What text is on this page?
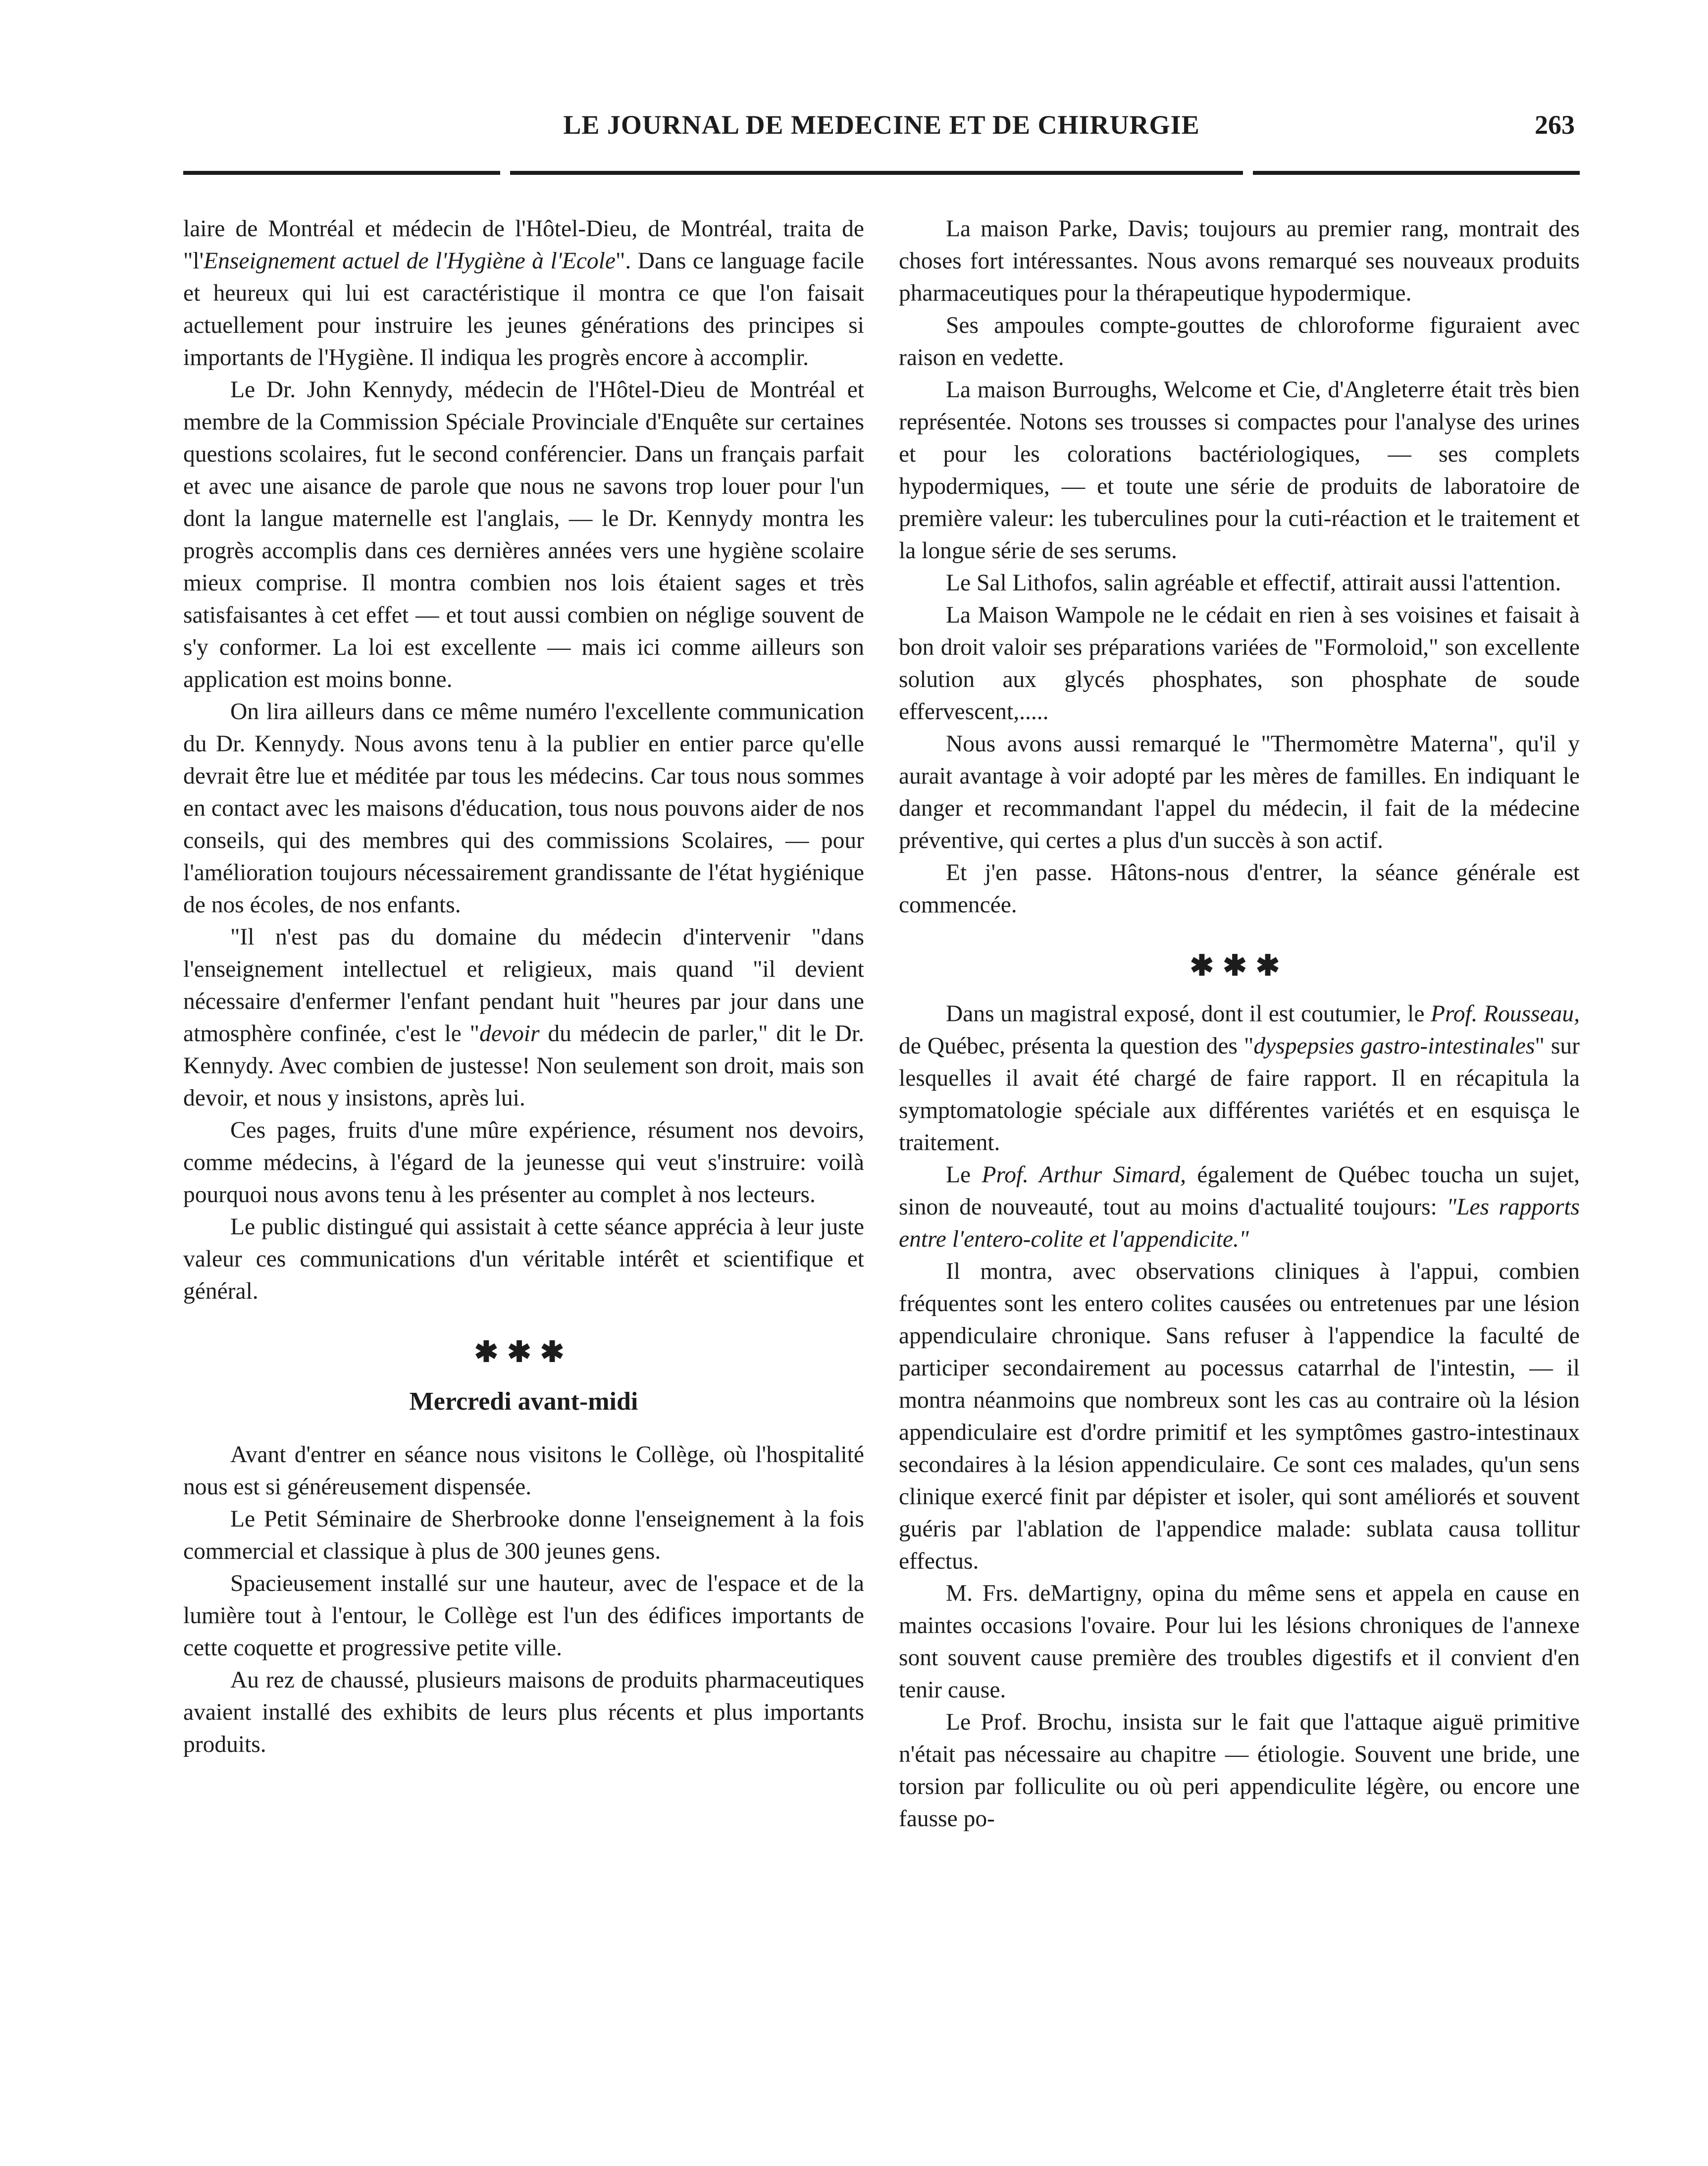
LE JOURNAL DE MEDECINE ET DE CHIRURGIE	263

laire de Montréal et médecin de l'Hôtel-Dieu, de Montréal, traita de "l'Enseignement actuel de l'Hygiène à l'Ecole". Dans ce language facile et heureux qui lui est caractéristique il montra ce que l'on faisait actuellement pour instruire les jeunes générations des principes si importants de l'Hygiène. Il indiqua les progrès encore à accomplir.

Le Dr. John Kennydy, médecin de l'Hôtel-Dieu de Montréal et membre de la Commission Spéciale Provinciale d'Enquête sur certaines questions scolaires, fut le second conférencier. Dans un français parfait et avec une aisance de parole que nous ne savons trop louer pour l'un dont la langue maternelle est l'anglais, — le Dr. Kennydy montra les progrès accomplis dans ces dernières années vers une hygiène scolaire mieux comprise. Il montra combien nos lois étaient sages et très satisfaisantes à cet effet — et tout aussi combien on néglige souvent de s'y conformer. La loi est excellente — mais ici comme ailleurs son application est moins bonne.

On lira ailleurs dans ce même numéro l'excellente communication du Dr. Kennydy. Nous avons tenu à la publier en entier parce qu'elle devrait être lue et méditée par tous les médecins. Car tous nous sommes en contact avec les maisons d'éducation, tous nous pouvons aider de nos conseils, qui des membres qui des commissions Scolaires, — pour l'amélioration toujours nécessairement grandissante de l'état hygiénique de nos écoles, de nos enfants.

"Il n'est pas du domaine du médecin d'intervenir "dans l'enseignement intellectuel et religieux, mais quand "il devient nécessaire d'enfermer l'enfant pendant huit "heures par jour dans une atmosphère confinée, c'est le "devoir du médecin de parler," dit le Dr. Kennydy. Avec combien de justesse! Non seulement son droit, mais son devoir, et nous y insistons, après lui.

Ces pages, fruits d'une mûre expérience, résument nos devoirs, comme médecins, à l'égard de la jeunesse qui veut s'instruire: voilà pourquoi nous avons tenu à les présenter au complet à nos lecteurs.

Le public distingué qui assistait à cette séance apprécia à leur juste valeur ces communications d'un véritable intérêt et scientifique et général.

✱✱✱
Mercredi avant-midi

Avant d'entrer en séance nous visitons le Collège, où l'hospitalité nous est si généreusement dispensée.

Le Petit Séminaire de Sherbrooke donne l'enseignement à la fois commercial et classique à plus de 300 jeunes gens.

Spacieusement installé sur une hauteur, avec de l'espace et de la lumière tout à l'entour, le Collège est l'un des édifices importants de cette coquette et progressive petite ville.

Au rez de chaussé, plusieurs maisons de produits pharmaceutiques avaient installé des exhibits de leurs plus récents et plus importants produits.

La maison Parke, Davis; toujours au premier rang, montrait des choses fort intéressantes. Nous avons remarqué ses nouveaux produits pharmaceutiques pour la thérapeutique hypodermique.

Ses ampoules compte-gouttes de chloroforme figuraient avec raison en vedette.

La maison Burroughs, Welcome et Cie, d'Angleterre était très bien représentée. Notons ses trousses si compactes pour l'analyse des urines et pour les colorations bactériologiques, — ses complets hypodermiques, — et toute une série de produits de laboratoire de première valeur: les tuberculines pour la cuti-réaction et le traitement et la longue série de ses serums.

Le Sal Lithofos, salin agréable et effectif, attirait aussi l'attention.

La Maison Wampole ne le cédait en rien à ses voisines et faisait à bon droit valoir ses préparations variées de "Formoloid," son excellente solution aux glycés phosphates, son phosphate de soude effervescent,.....

Nous avons aussi remarqué le "Thermomètre Materna", qu'il y aurait avantage à voir adopté par les mères de familles. En indiquant le danger et recommandant l'appel du médecin, il fait de la médecine préventive, qui certes a plus d'un succès à son actif.

Et j'en passe. Hâtons-nous d'entrer, la séance générale est commencée.

✱✱✱

Dans un magistral exposé, dont il est coutumier, le Prof. Rousseau, de Québec, présenta la question des "dyspepsies gastro-intestinales" sur lesquelles il avait été chargé de faire rapport. Il en récapitula la symptomatologie spéciale aux différentes variétés et en esquisça le traitement.

Le Prof. Arthur Simard, également de Québec toucha un sujet, sinon de nouveauté, tout au moins d'actualité toujours: "Les rapports entre l'entero-colite et l'appendicite."

Il montra, avec observations cliniques à l'appui, combien fréquentes sont les entero colites causées ou entretenues par une lésion appendiculaire chronique. Sans refuser à l'appendice la faculté de participer secondairement au pocessus catarrhal de l'intestin, — il montra néanmoins que nombreux sont les cas au contraire où la lésion appendiculaire est d'ordre primitif et les symptômes gastro-intestinaux secondaires à la lésion appendiculaire. Ce sont ces malades, qu'un sens clinique exercé finit par dépister et isoler, qui sont améliorés et souvent guéris par l'ablation de l'appendice malade: sublata causa tollitur effectus.

M. Frs. deMartigny, opina du même sens et appela en cause en maintes occasions l'ovaire. Pour lui les lésions chroniques de l'annexe sont souvent cause première des troubles digestifs et il convient d'en tenir cause.

Le Prof. Brochu, insista sur le fait que l'attaque aiguë primitive n'était pas nécessaire au chapitre — étiologie. Souvent une bride, une torsion par folliculite ou où peri appendiculite légère, ou encore une fausse po-
